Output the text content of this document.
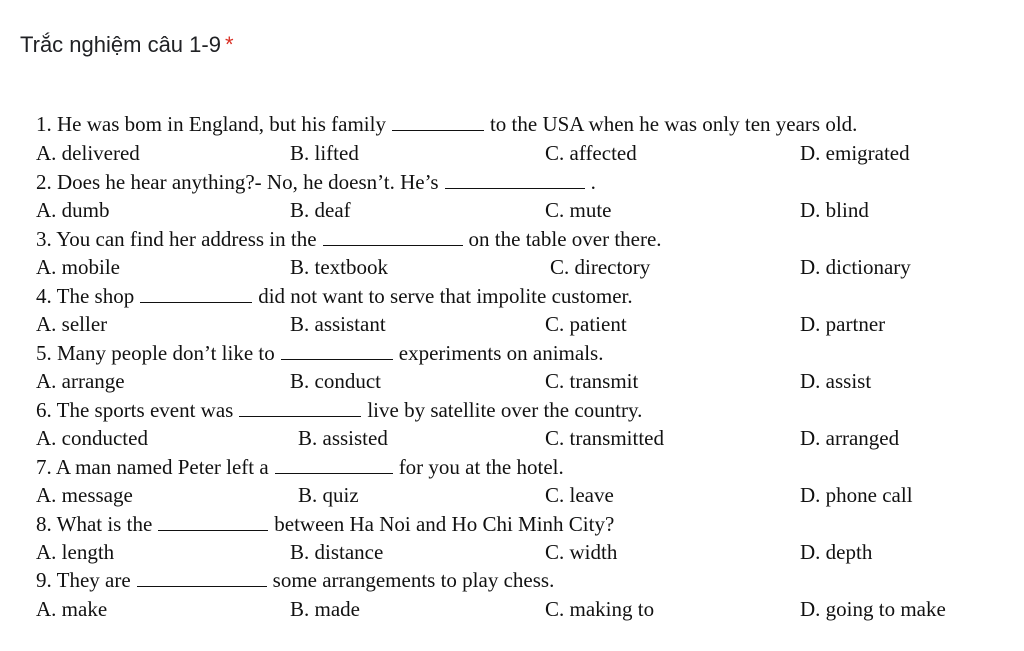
Trắc nghiệm câu 1-9 *
1. He was bom in England, but his family	to the USA when he was only ten years old.
A. delivered	B. lifted	C. affected	D. emigrated
2. Does he hear anything?- No, he doesn’t. He’s	.
A. dumb	B. deaf	C. mute	D. blind
3. You can find her address in the	on the table over there.
A. mobile	B. textbook	C. directory	D. dictionary
4. The shop	did not want to serve that impolite customer.
A. seller	B. assistant	C. patient	D. partner
5. Many people don’t like to	experiments on animals.
A. arrange	B. conduct	C. transmit	D. assist
6. The sports event was	live by satellite over the country.
A. conducted	B. assisted	C. transmitted	D. arranged
7. A man named Peter left a	for you at the hotel.
A. message	B. quiz	C. leave	D. phone call
8. What is the	between Ha Noi and Ho Chi Minh City?
A. length	B. distance	C. width	D. depth
9. They are	some arrangements to play chess.
A. make	B. made	C. making to	D. going to make
